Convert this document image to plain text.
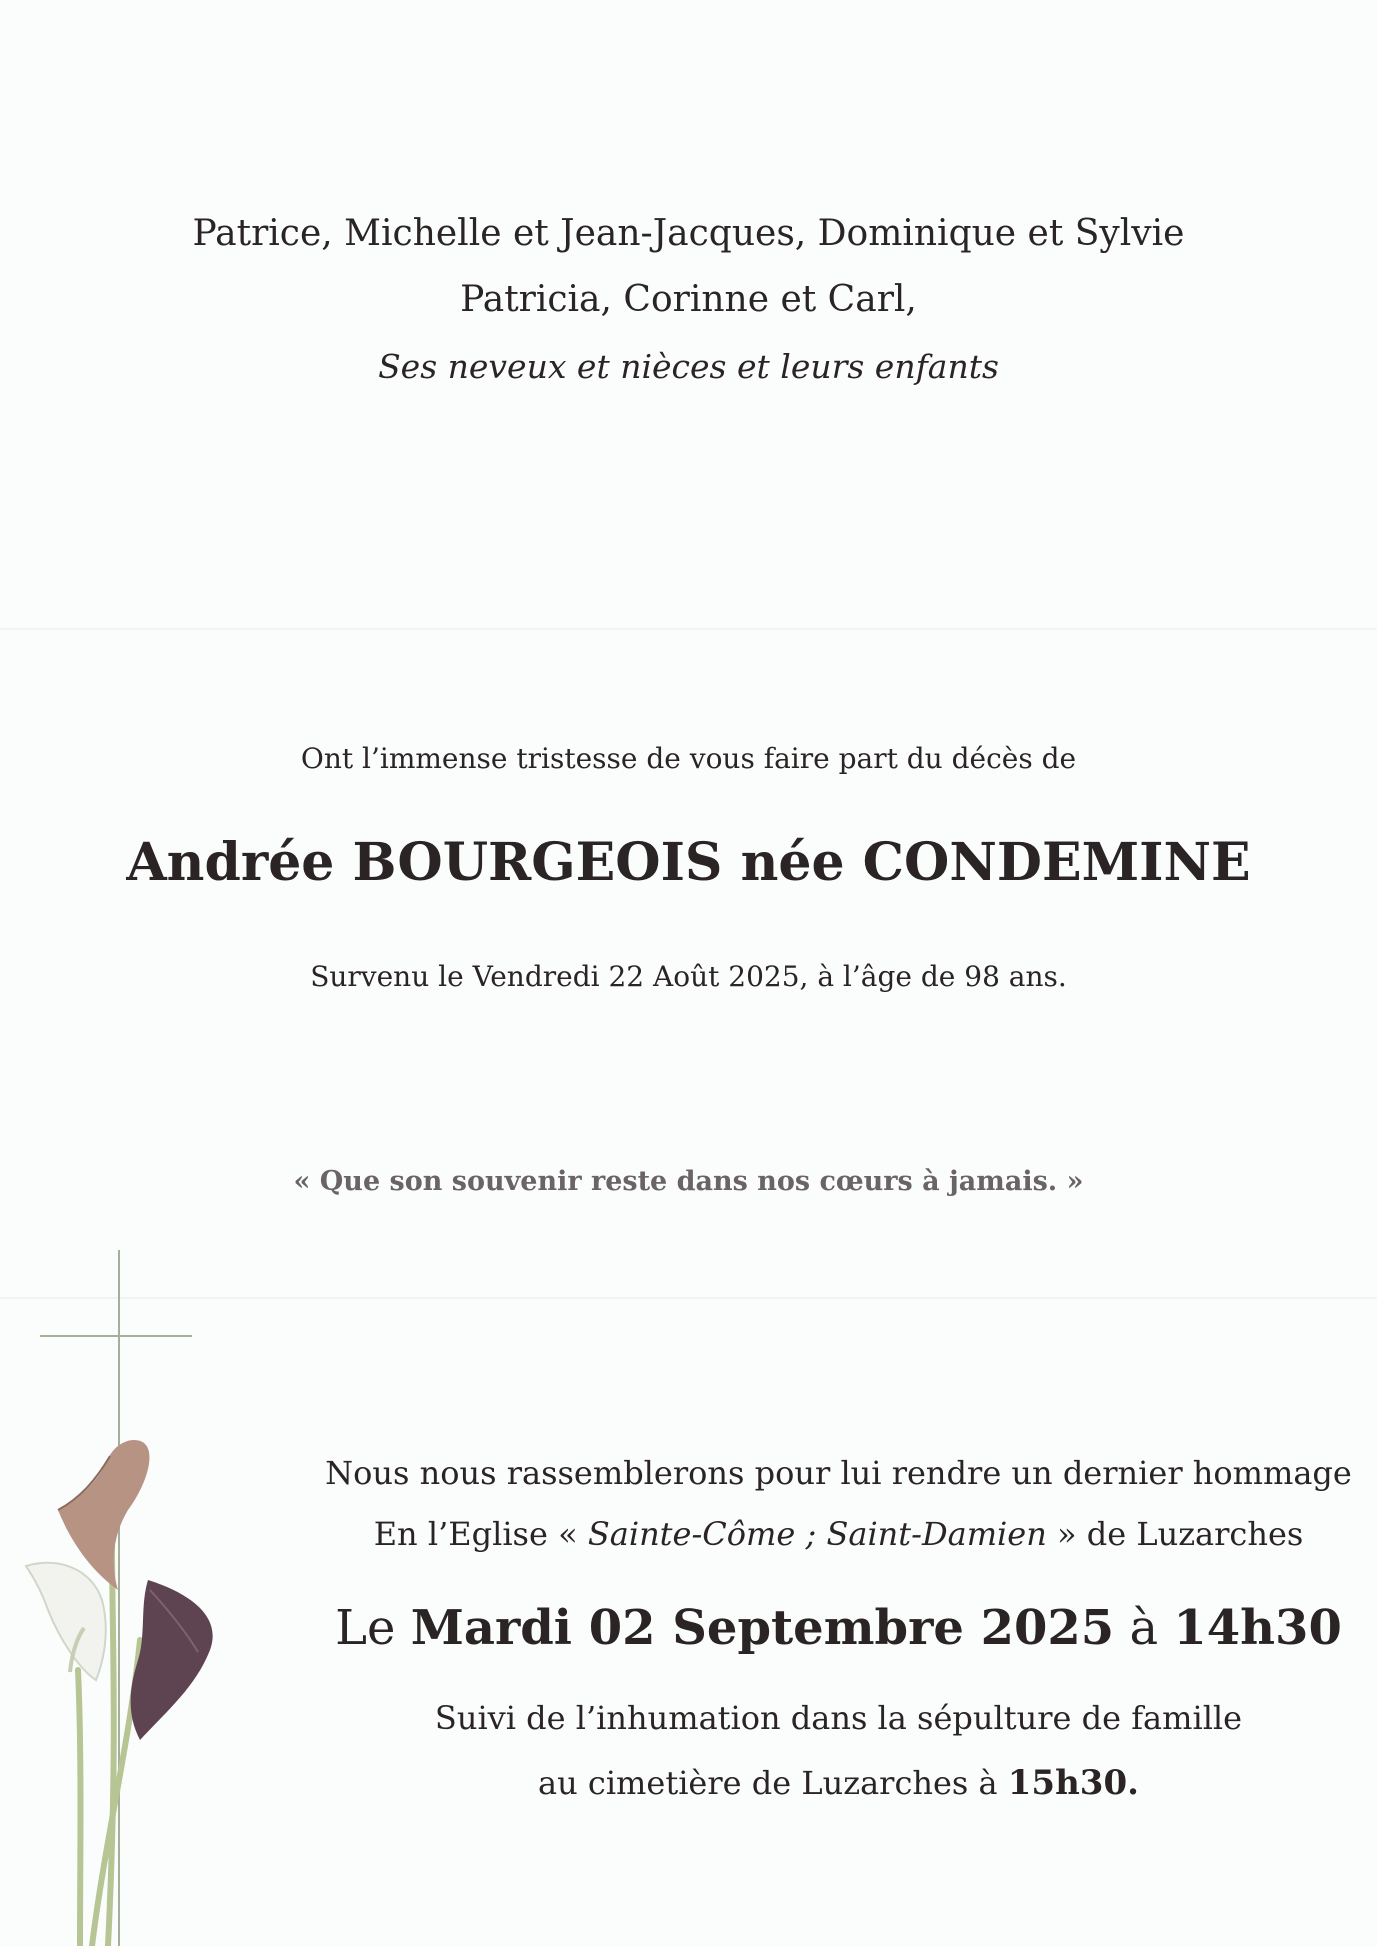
Patrice, Michelle et Jean-Jacques, Dominique et Sylvie
Patricia, Corinne et Carl,
Ses neveux et nièces et leurs enfants
Ont l’immense tristesse de vous faire part du décès de
Andrée BOURGEOIS née CONDEMINE
Survenu le Vendredi 22 Août 2025, à l’âge de 98 ans.
« Que son souvenir reste dans nos cœurs à jamais. »
Nous nous rassemblerons pour lui rendre un dernier hommage
En l’Eglise « Sainte-Côme ; Saint-Damien » de Luzarches
Le Mardi 02 Septembre 2025 à 14h30
Suivi de l’inhumation dans la sépulture de famille
au cimetière de Luzarches à 15h30.
